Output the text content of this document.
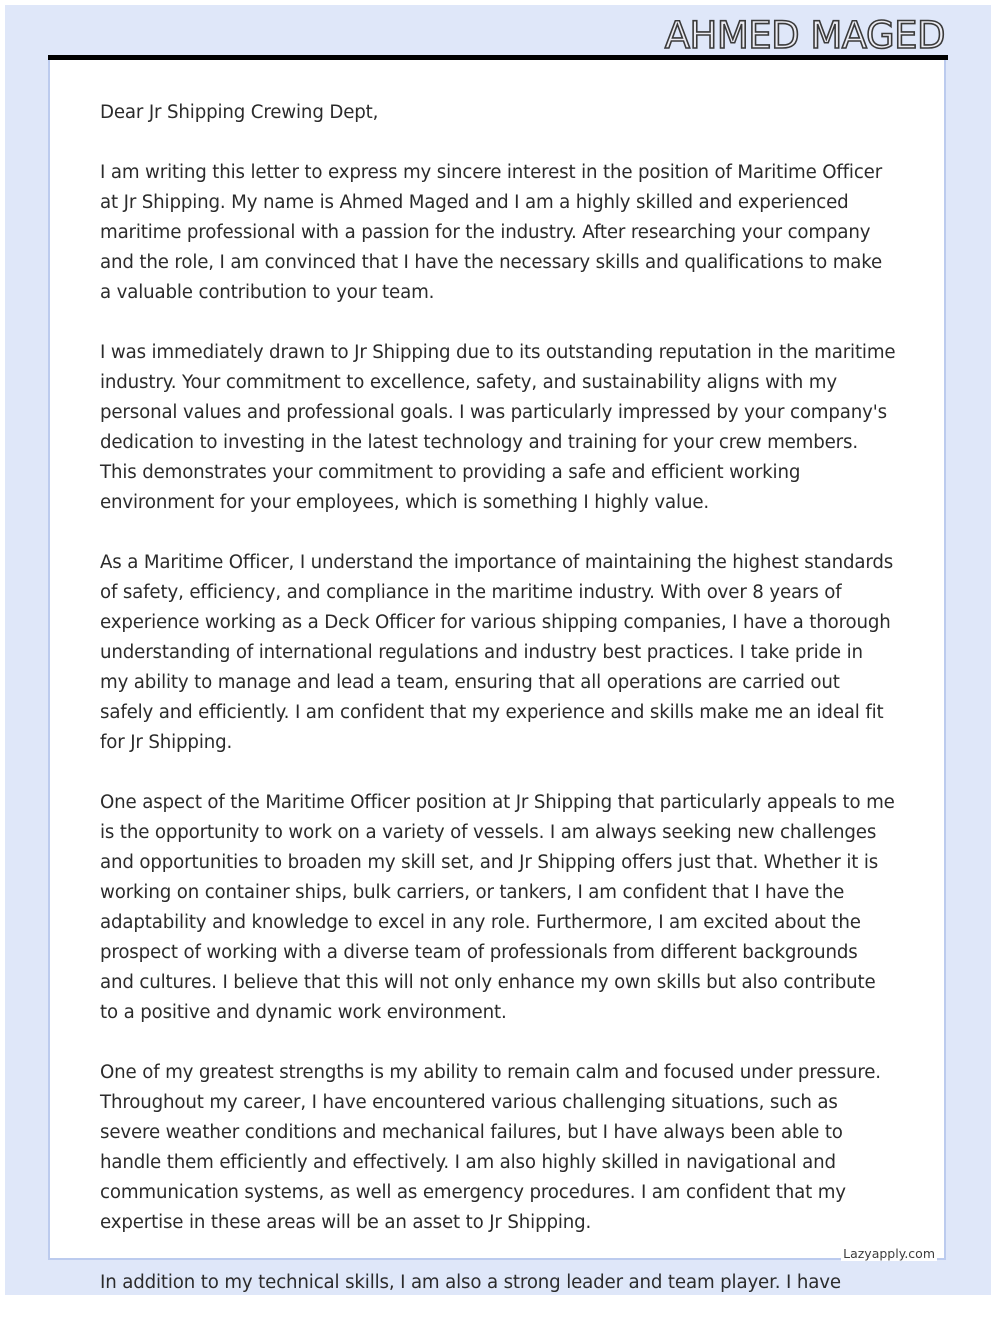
AHMED MAGED

Dear Jr Shipping Crewing Dept,

I am writing this letter to express my sincere interest in the position of Maritime Officer at Jr Shipping. My name is Ahmed Maged and I am a highly skilled and experienced maritime professional with a passion for the industry. After researching your company and the role, I am convinced that I have the necessary skills and qualifications to make a valuable contribution to your team.

I was immediately drawn to Jr Shipping due to its outstanding reputation in the maritime industry. Your commitment to excellence, safety, and sustainability aligns with my personal values and professional goals. I was particularly impressed by your company's dedication to investing in the latest technology and training for your crew members. This demonstrates your commitment to providing a safe and efficient working environment for your employees, which is something I highly value.

As a Maritime Officer, I understand the importance of maintaining the highest standards of safety, efficiency, and compliance in the maritime industry. With over 8 years of experience working as a Deck Officer for various shipping companies, I have a thorough understanding of international regulations and industry best practices. I take pride in my ability to manage and lead a team, ensuring that all operations are carried out safely and efficiently. I am confident that my experience and skills make me an ideal fit for Jr Shipping.

One aspect of the Maritime Officer position at Jr Shipping that particularly appeals to me is the opportunity to work on a variety of vessels. I am always seeking new challenges and opportunities to broaden my skill set, and Jr Shipping offers just that. Whether it is working on container ships, bulk carriers, or tankers, I am confident that I have the adaptability and knowledge to excel in any role. Furthermore, I am excited about the prospect of working with a diverse team of professionals from different backgrounds and cultures. I believe that this will not only enhance my own skills but also contribute to a positive and dynamic work environment.

One of my greatest strengths is my ability to remain calm and focused under pressure. Throughout my career, I have encountered various challenging situations, such as severe weather conditions and mechanical failures, but I have always been able to handle them efficiently and effectively. I am also highly skilled in navigational and communication systems, as well as emergency procedures. I am confident that my expertise in these areas will be an asset to Jr Shipping.

In addition to my technical skills, I am also a strong leader and team player. I have

Lazyapply.com
